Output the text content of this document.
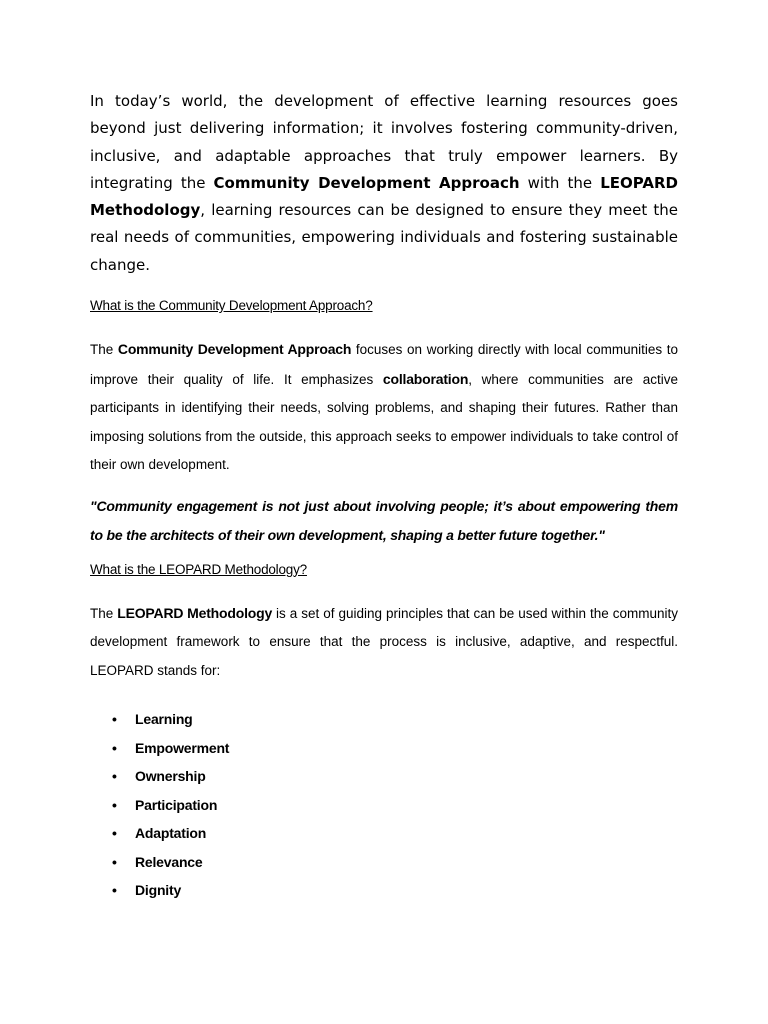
In today’s world, the development of effective learning resources goes beyond just delivering information; it involves fostering community-driven, inclusive, and adaptable approaches that truly empower learners. By integrating the Community Development Approach with the LEOPARD Methodology, learning resources can be designed to ensure they meet the real needs of communities, empowering individuals and fostering sustainable change.

What is the Community Development Approach?

The Community Development Approach focuses on working directly with local communities to improve their quality of life. It emphasizes collaboration, where communities are active participants in identifying their needs, solving problems, and shaping their futures. Rather than imposing solutions from the outside, this approach seeks to empower individuals to take control of their own development.

"Community engagement is not just about involving people; it’s about empowering them to be the architects of their own development, shaping a better future together."

What is the LEOPARD Methodology?

The LEOPARD Methodology is a set of guiding principles that can be used within the community development framework to ensure that the process is inclusive, adaptive, and respectful. LEOPARD stands for:

• Learning
• Empowerment
• Ownership
• Participation
• Adaptation
• Relevance
• Dignity
